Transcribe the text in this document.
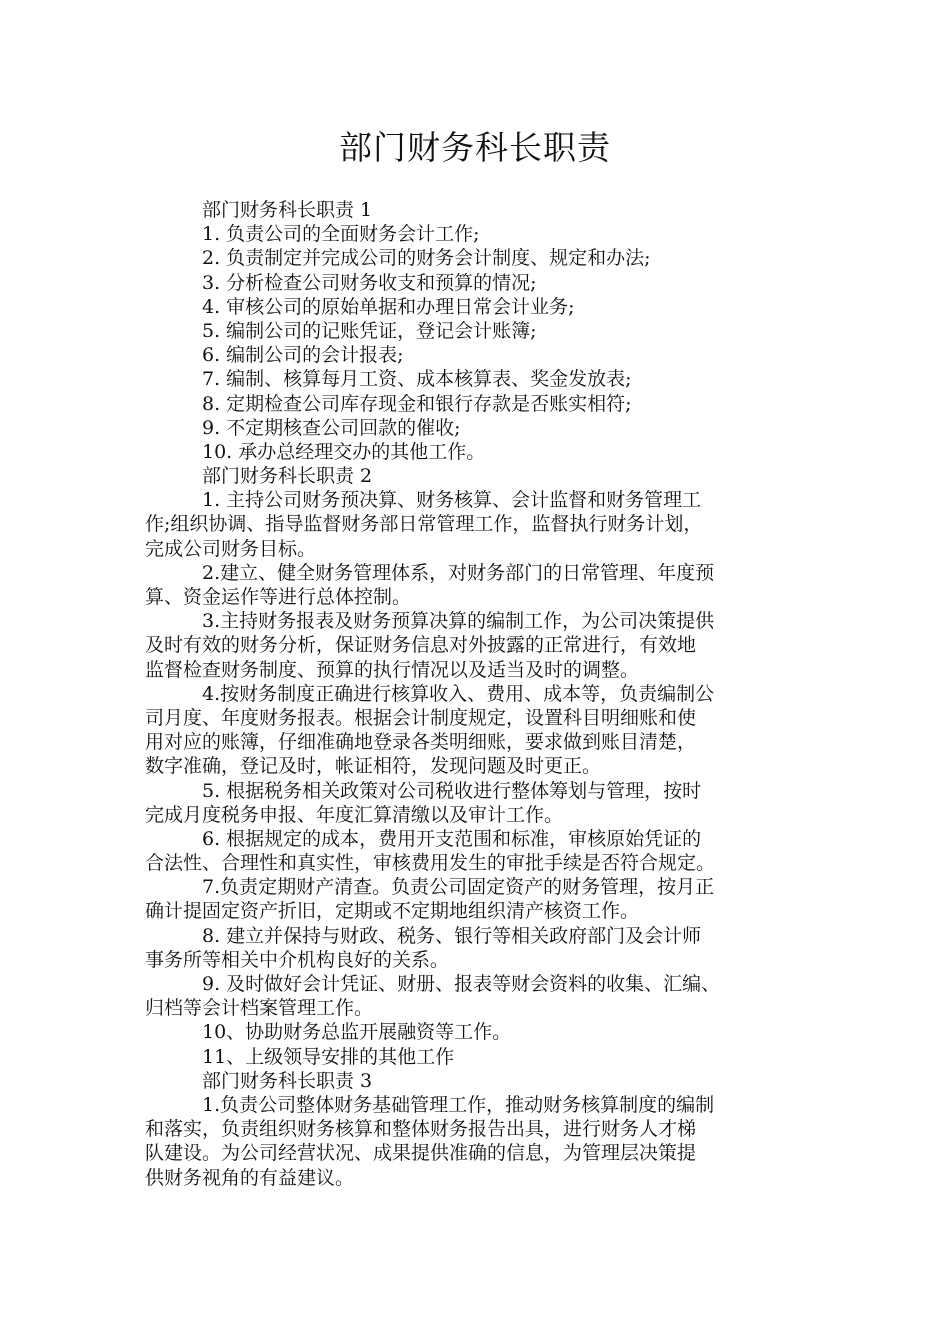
部门财务科长职责
部门财务科长职责 1
1. 负责公司的全面财务会计工作;
2. 负责制定并完成公司的财务会计制度、规定和办法;
3. 分析检查公司财务收支和预算的情况;
4. 审核公司的原始单据和办理日常会计业务;
5. 编制公司的记账凭证，登记会计账簿;
6. 编制公司的会计报表;
7. 编制、核算每月工资、成本核算表、奖金发放表;
8. 定期检查公司库存现金和银行存款是否账实相符;
9. 不定期核查公司回款的催收;
10. 承办总经理交办的其他工作。
部门财务科长职责 2
1. 主持公司财务预决算、财务核算、会计监督和财务管理工
作;组织协调、指导监督财务部日常管理工作，监督执行财务计划，
完成公司财务目标。
2.建立、健全财务管理体系，对财务部门的日常管理、年度预
算、资金运作等进行总体控制。
3.主持财务报表及财务预算决算的编制工作，为公司决策提供
及时有效的财务分析，保证财务信息对外披露的正常进行，有效地
监督检查财务制度、预算的执行情况以及适当及时的调整。
4.按财务制度正确进行核算收入、费用、成本等，负责编制公
司月度、年度财务报表。根据会计制度规定，设置科目明细账和使
用对应的账簿，仔细准确地登录各类明细账，要求做到账目清楚，
数字准确，登记及时，帐证相符，发现问题及时更正。
5. 根据税务相关政策对公司税收进行整体筹划与管理，按时
完成月度税务申报、年度汇算清缴以及审计工作。
6. 根据规定的成本，费用开支范围和标准，审核原始凭证的
合法性、合理性和真实性，审核费用发生的审批手续是否符合规定。
7.负责定期财产清查。负责公司固定资产的财务管理，按月正
确计提固定资产折旧，定期或不定期地组织清产核资工作。
8. 建立并保持与财政、税务、银行等相关政府部门及会计师
事务所等相关中介机构良好的关系。
9. 及时做好会计凭证、财册、报表等财会资料的收集、汇编、
归档等会计档案管理工作。
10、协助财务总监开展融资等工作。
11、上级领导安排的其他工作
部门财务科长职责 3
1.负责公司整体财务基础管理工作，推动财务核算制度的编制
和落实，负责组织财务核算和整体财务报告出具，进行财务人才梯
队建设。为公司经营状况、成果提供准确的信息，为管理层决策提
供财务视角的有益建议。
